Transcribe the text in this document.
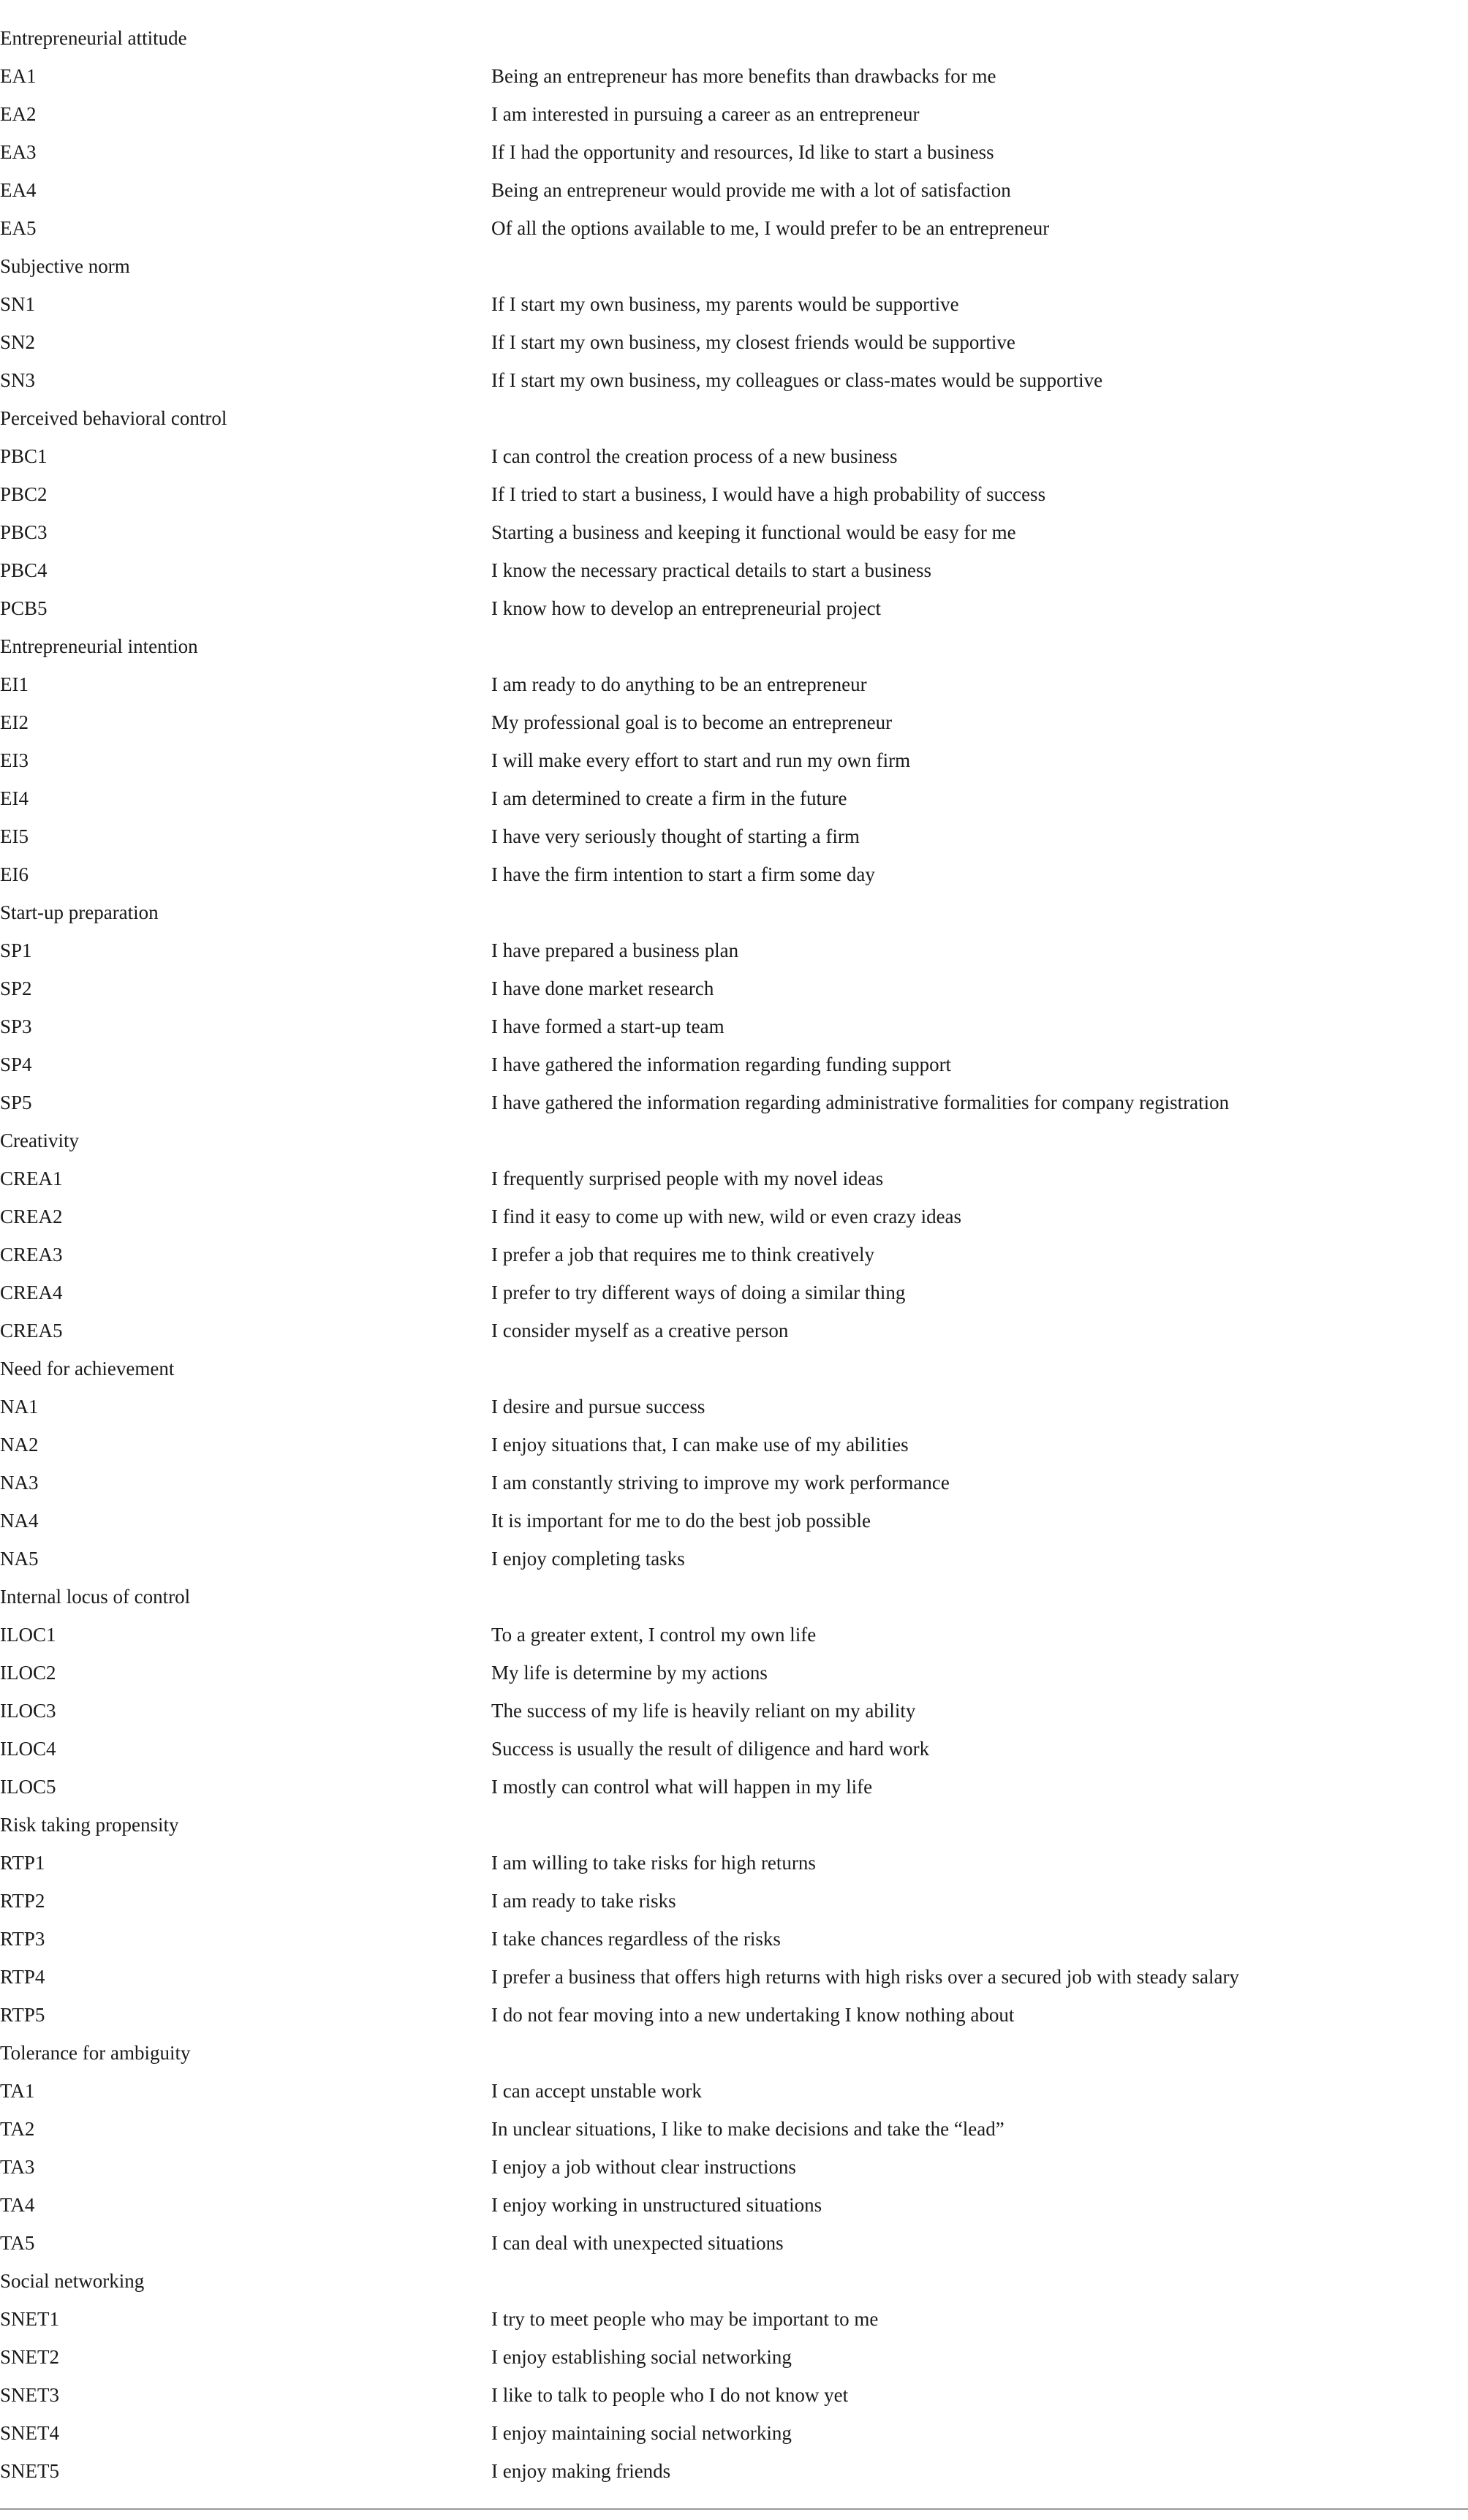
Entrepreneurial attitude
EA1	Being an entrepreneur has more benefits than drawbacks for me
EA2	I am interested in pursuing a career as an entrepreneur
EA3	If I had the opportunity and resources, Id like to start a business
EA4	Being an entrepreneur would provide me with a lot of satisfaction
EA5	Of all the options available to me, I would prefer to be an entrepreneur
Subjective norm
SN1	If I start my own business, my parents would be supportive
SN2	If I start my own business, my closest friends would be supportive
SN3	If I start my own business, my colleagues or class-mates would be supportive
Perceived behavioral control
PBC1	I can control the creation process of a new business
PBC2	If I tried to start a business, I would have a high probability of success
PBC3	Starting a business and keeping it functional would be easy for me
PBC4	I know the necessary practical details to start a business
PCB5	I know how to develop an entrepreneurial project
Entrepreneurial intention
EI1	I am ready to do anything to be an entrepreneur
EI2	My professional goal is to become an entrepreneur
EI3	I will make every effort to start and run my own firm
EI4	I am determined to create a firm in the future
EI5	I have very seriously thought of starting a firm
EI6	I have the firm intention to start a firm some day
Start-up preparation
SP1	I have prepared a business plan
SP2	I have done market research
SP3	I have formed a start-up team
SP4	I have gathered the information regarding funding support
SP5	I have gathered the information regarding administrative formalities for company registration
Creativity
CREA1	I frequently surprised people with my novel ideas
CREA2	I find it easy to come up with new, wild or even crazy ideas
CREA3	I prefer a job that requires me to think creatively
CREA4	I prefer to try different ways of doing a similar thing
CREA5	I consider myself as a creative person
Need for achievement
NA1	I desire and pursue success
NA2	I enjoy situations that, I can make use of my abilities
NA3	I am constantly striving to improve my work performance
NA4	It is important for me to do the best job possible
NA5	I enjoy completing tasks
Internal locus of control
ILOC1	To a greater extent, I control my own life
ILOC2	My life is determine by my actions
ILOC3	The success of my life is heavily reliant on my ability
ILOC4	Success is usually the result of diligence and hard work
ILOC5	I mostly can control what will happen in my life
Risk taking propensity
RTP1	I am willing to take risks for high returns
RTP2	I am ready to take risks
RTP3	I take chances regardless of the risks
RTP4	I prefer a business that offers high returns with high risks over a secured job with steady salary
RTP5	I do not fear moving into a new undertaking I know nothing about
Tolerance for ambiguity
TA1	I can accept unstable work
TA2	In unclear situations, I like to make decisions and take the “lead”
TA3	I enjoy a job without clear instructions
TA4	I enjoy working in unstructured situations
TA5	I can deal with unexpected situations
Social networking
SNET1	I try to meet people who may be important to me
SNET2	I enjoy establishing social networking
SNET3	I like to talk to people who I do not know yet
SNET4	I enjoy maintaining social networking
SNET5	I enjoy making friends
